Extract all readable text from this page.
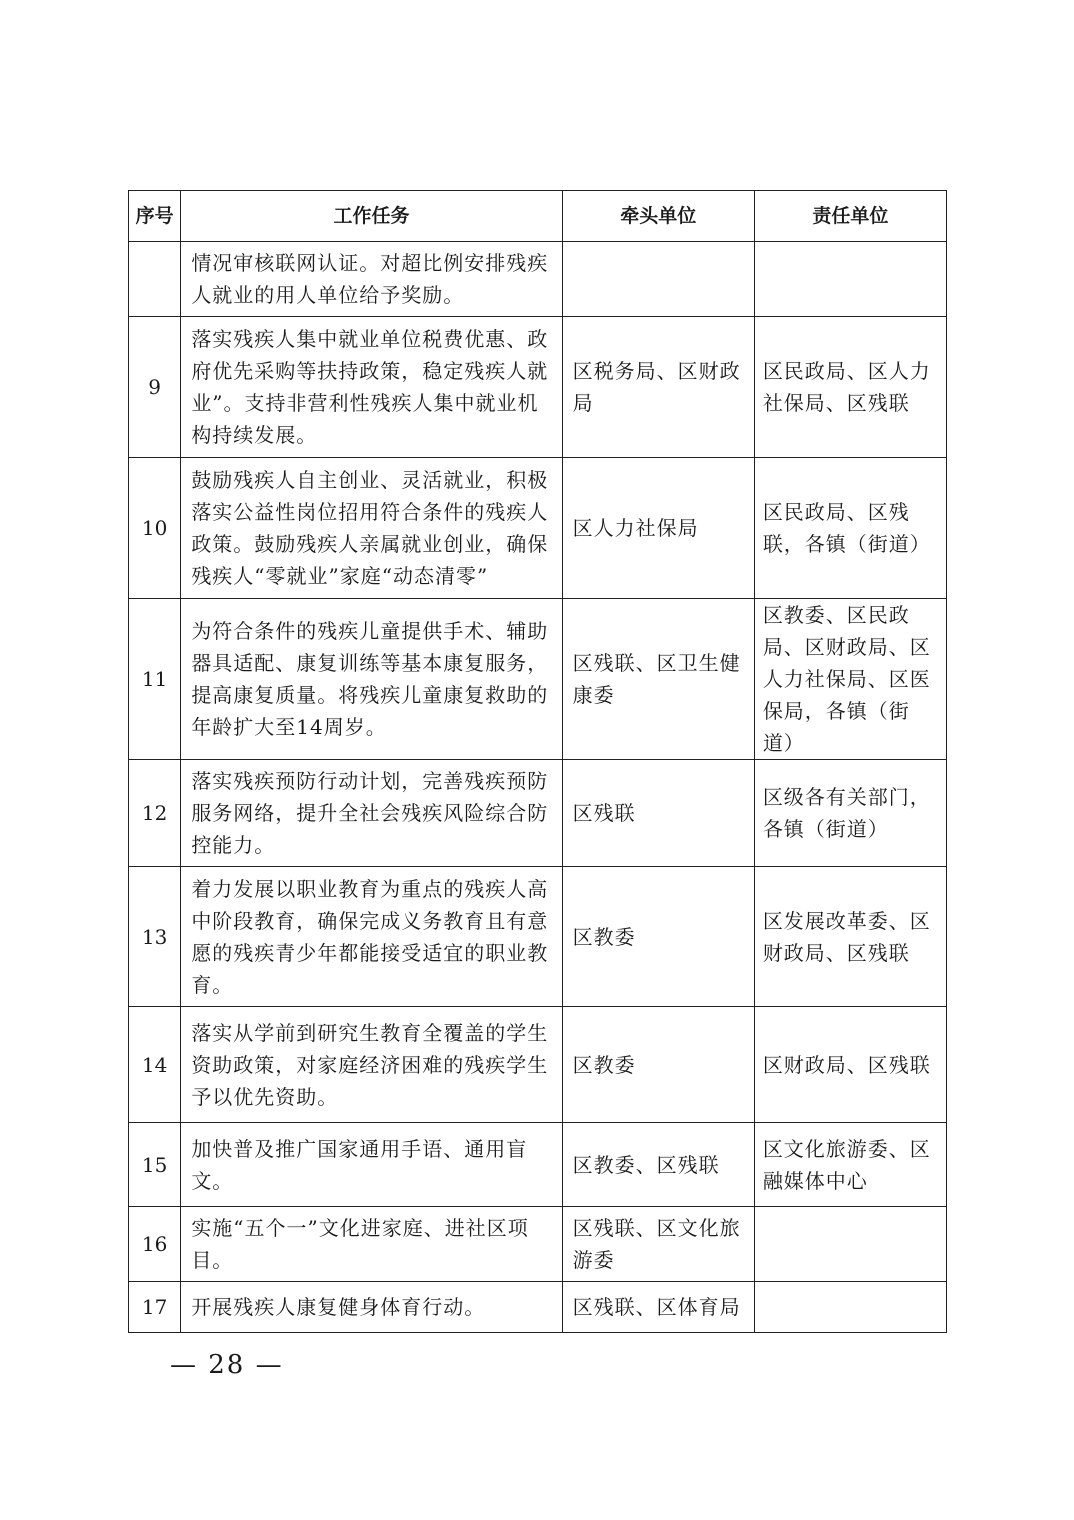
序号	工作任务	牵头单位	责任单位
	情况审核联网认证。对超比例安排残疾人就业的用人单位给予奖励。		
9	落实残疾人集中就业单位税费优惠、政府优先采购等扶持政策，稳定残疾人就业”。支持非营利性残疾人集中就业机构持续发展。	区税务局、区财政局	区民政局、区人力社保局、区残联
10	鼓励残疾人自主创业、灵活就业，积极落实公益性岗位招用符合条件的残疾人政策。鼓励残疾人亲属就业创业，确保残疾人“零就业”家庭“动态清零”	区人力社保局	区民政局、区残联，各镇（街道）
11	为符合条件的残疾儿童提供手术、辅助器具适配、康复训练等基本康复服务，提高康复质量。将残疾儿童康复救助的年龄扩大至14周岁。	区残联、区卫生健康委	区教委、区民政局、区财政局、区人力社保局、区医保局，各镇（街道）
12	落实残疾预防行动计划，完善残疾预防服务网络，提升全社会残疾风险综合防控能力。	区残联	区级各有关部门，各镇（街道）
13	着力发展以职业教育为重点的残疾人高中阶段教育，确保完成义务教育且有意愿的残疾青少年都能接受适宜的职业教育。	区教委	区发展改革委、区财政局、区残联
14	落实从学前到研究生教育全覆盖的学生资助政策，对家庭经济困难的残疾学生予以优先资助。	区教委	区财政局、区残联
15	加快普及推广国家通用手语、通用盲文。	区教委、区残联	区文化旅游委、区融媒体中心
16	实施“五个一”文化进家庭、进社区项目。	区残联、区文化旅游委	
17	开展残疾人康复健身体育行动。	区残联、区体育局	
— 28 —
